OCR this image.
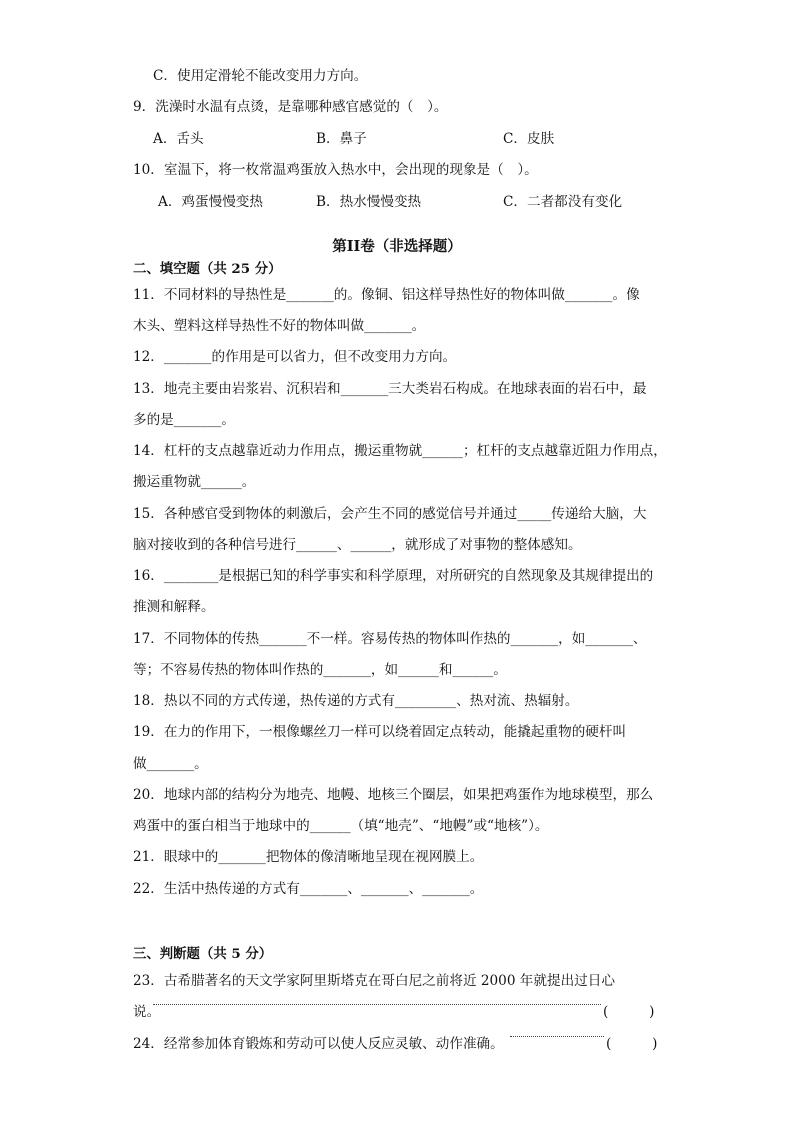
C．使用定滑轮不能改变用力方向。
9．洗澡时水温有点烫，是靠哪种感官感觉的（　）。
A．舌头	B．鼻子	C．皮肤
10．室温下，将一枚常温鸡蛋放入热水中，会出现的现象是（　）。
A．鸡蛋慢慢变热	B．热水慢慢变热	C．二者都没有变化
第II卷（非选择题）
二、填空题（共 25 分）
11．不同材料的导热性是_______的。像铜、铝这样导热性好的物体叫做_______。像
木头、塑料这样导热性不好的物体叫做_______。
12．_______的作用是可以省力，但不改变用力方向。
13．地壳主要由岩浆岩、沉积岩和_______三大类岩石构成。在地球表面的岩石中，最
多的是_______。
14．杠杆的支点越靠近动力作用点，搬运重物就______；杠杆的支点越靠近阻力作用点，
搬运重物就______。
15．各种感官受到物体的刺激后，会产生不同的感觉信号并通过_____传递给大脑，大
脑对接收到的各种信号进行______、______，就形成了对事物的整体感知。
16．________是根据已知的科学事实和科学原理，对所研究的自然现象及其规律提出的
推测和解释。
17．不同物体的传热_______不一样。容易传热的物体叫作热的_______，如_______、
等；不容易传热的物体叫作热的_______，如______和______。
18．热以不同的方式传递，热传递的方式有_________、热对流、热辐射。
19．在力的作用下，一根像螺丝刀一样可以绕着固定点转动，能撬起重物的硬杆叫
做_______。
20．地球内部的结构分为地壳、地幔、地核三个圈层，如果把鸡蛋作为地球模型，那么
鸡蛋中的蛋白相当于地球中的______（填“地壳”、“地幔”或“地核”）。
21．眼球中的_______把物体的像清晰地呈现在视网膜上。
22．生活中热传递的方式有_______、_______、_______。
三、判断题（共 5 分）
23．古希腊著名的天文学家阿里斯塔克在哥白尼之前将近 2000 年就提出过日心
说。	(　　　)
24．经常参加体育锻炼和劳动可以使人反应灵敏、动作准确。	(　　　)
